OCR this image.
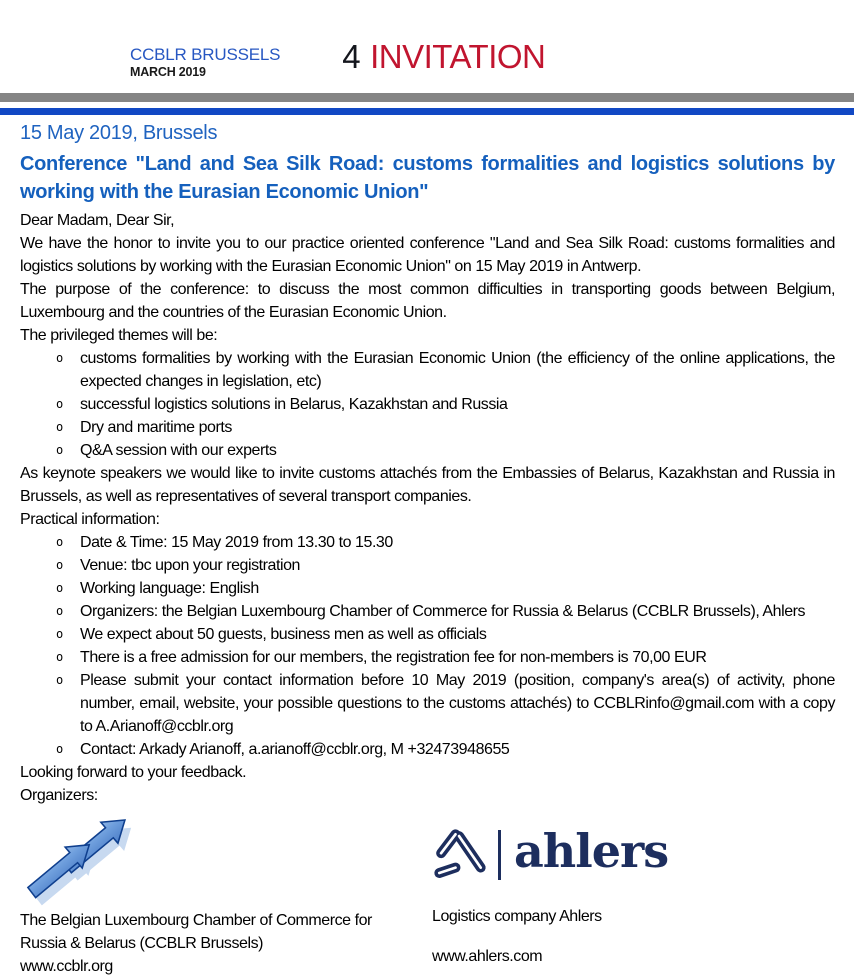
CCBLR BRUSSELS
MARCH 2019	4 INVITATION

15 May 2019, Brussels

Conference "Land and Sea Silk Road: customs formalities and logistics solutions by working with the Eurasian Economic Union"

Dear Madam, Dear Sir,

We have the honor to invite you to our practice oriented conference "Land and Sea Silk Road: customs formalities and logistics solutions by working with the Eurasian Economic Union" on 15 May 2019 in Antwerp.

The purpose of the conference: to discuss the most common difficulties in transporting goods between Belgium, Luxembourg and the countries of the Eurasian Economic Union.

The privileged themes will be:

o	customs formalities by working with the Eurasian Economic Union (the efficiency of the online applications, the expected changes in legislation, etc)
o	successful logistics solutions in Belarus, Kazakhstan and Russia
o	Dry and maritime ports
o	Q&A session with our experts

As keynote speakers we would like to invite customs attachés from the Embassies of Belarus, Kazakhstan and Russia in Brussels, as well as representatives of several transport companies.

Practical information:

o	Date & Time: 15 May 2019 from 13.30 to 15.30
o	Venue: tbc upon your registration
o	Working language: English
o	Organizers: the Belgian Luxembourg Chamber of Commerce for Russia & Belarus (CCBLR Brussels), Ahlers
o	We expect about 50 guests, business men as well as officials
o	There is a free admission for our members, the registration fee for non-members is 70,00 EUR
o	Please submit your contact information before 10 May 2019 (position, company's area(s) of activity, phone number, email, website, your possible questions to the customs attachés) to CCBLRinfo@gmail.com with a copy to A.Arianoff@ccblr.org
o	Contact: Arkady Arianoff, a.arianoff@ccblr.org, M +32473948655

Looking forward to your feedback.

Organizers:

The Belgian Luxembourg Chamber of Commerce for Russia & Belarus (CCBLR Brussels)

www.ccblr.org

ahlers

Logistics company Ahlers

www.ahlers.com
